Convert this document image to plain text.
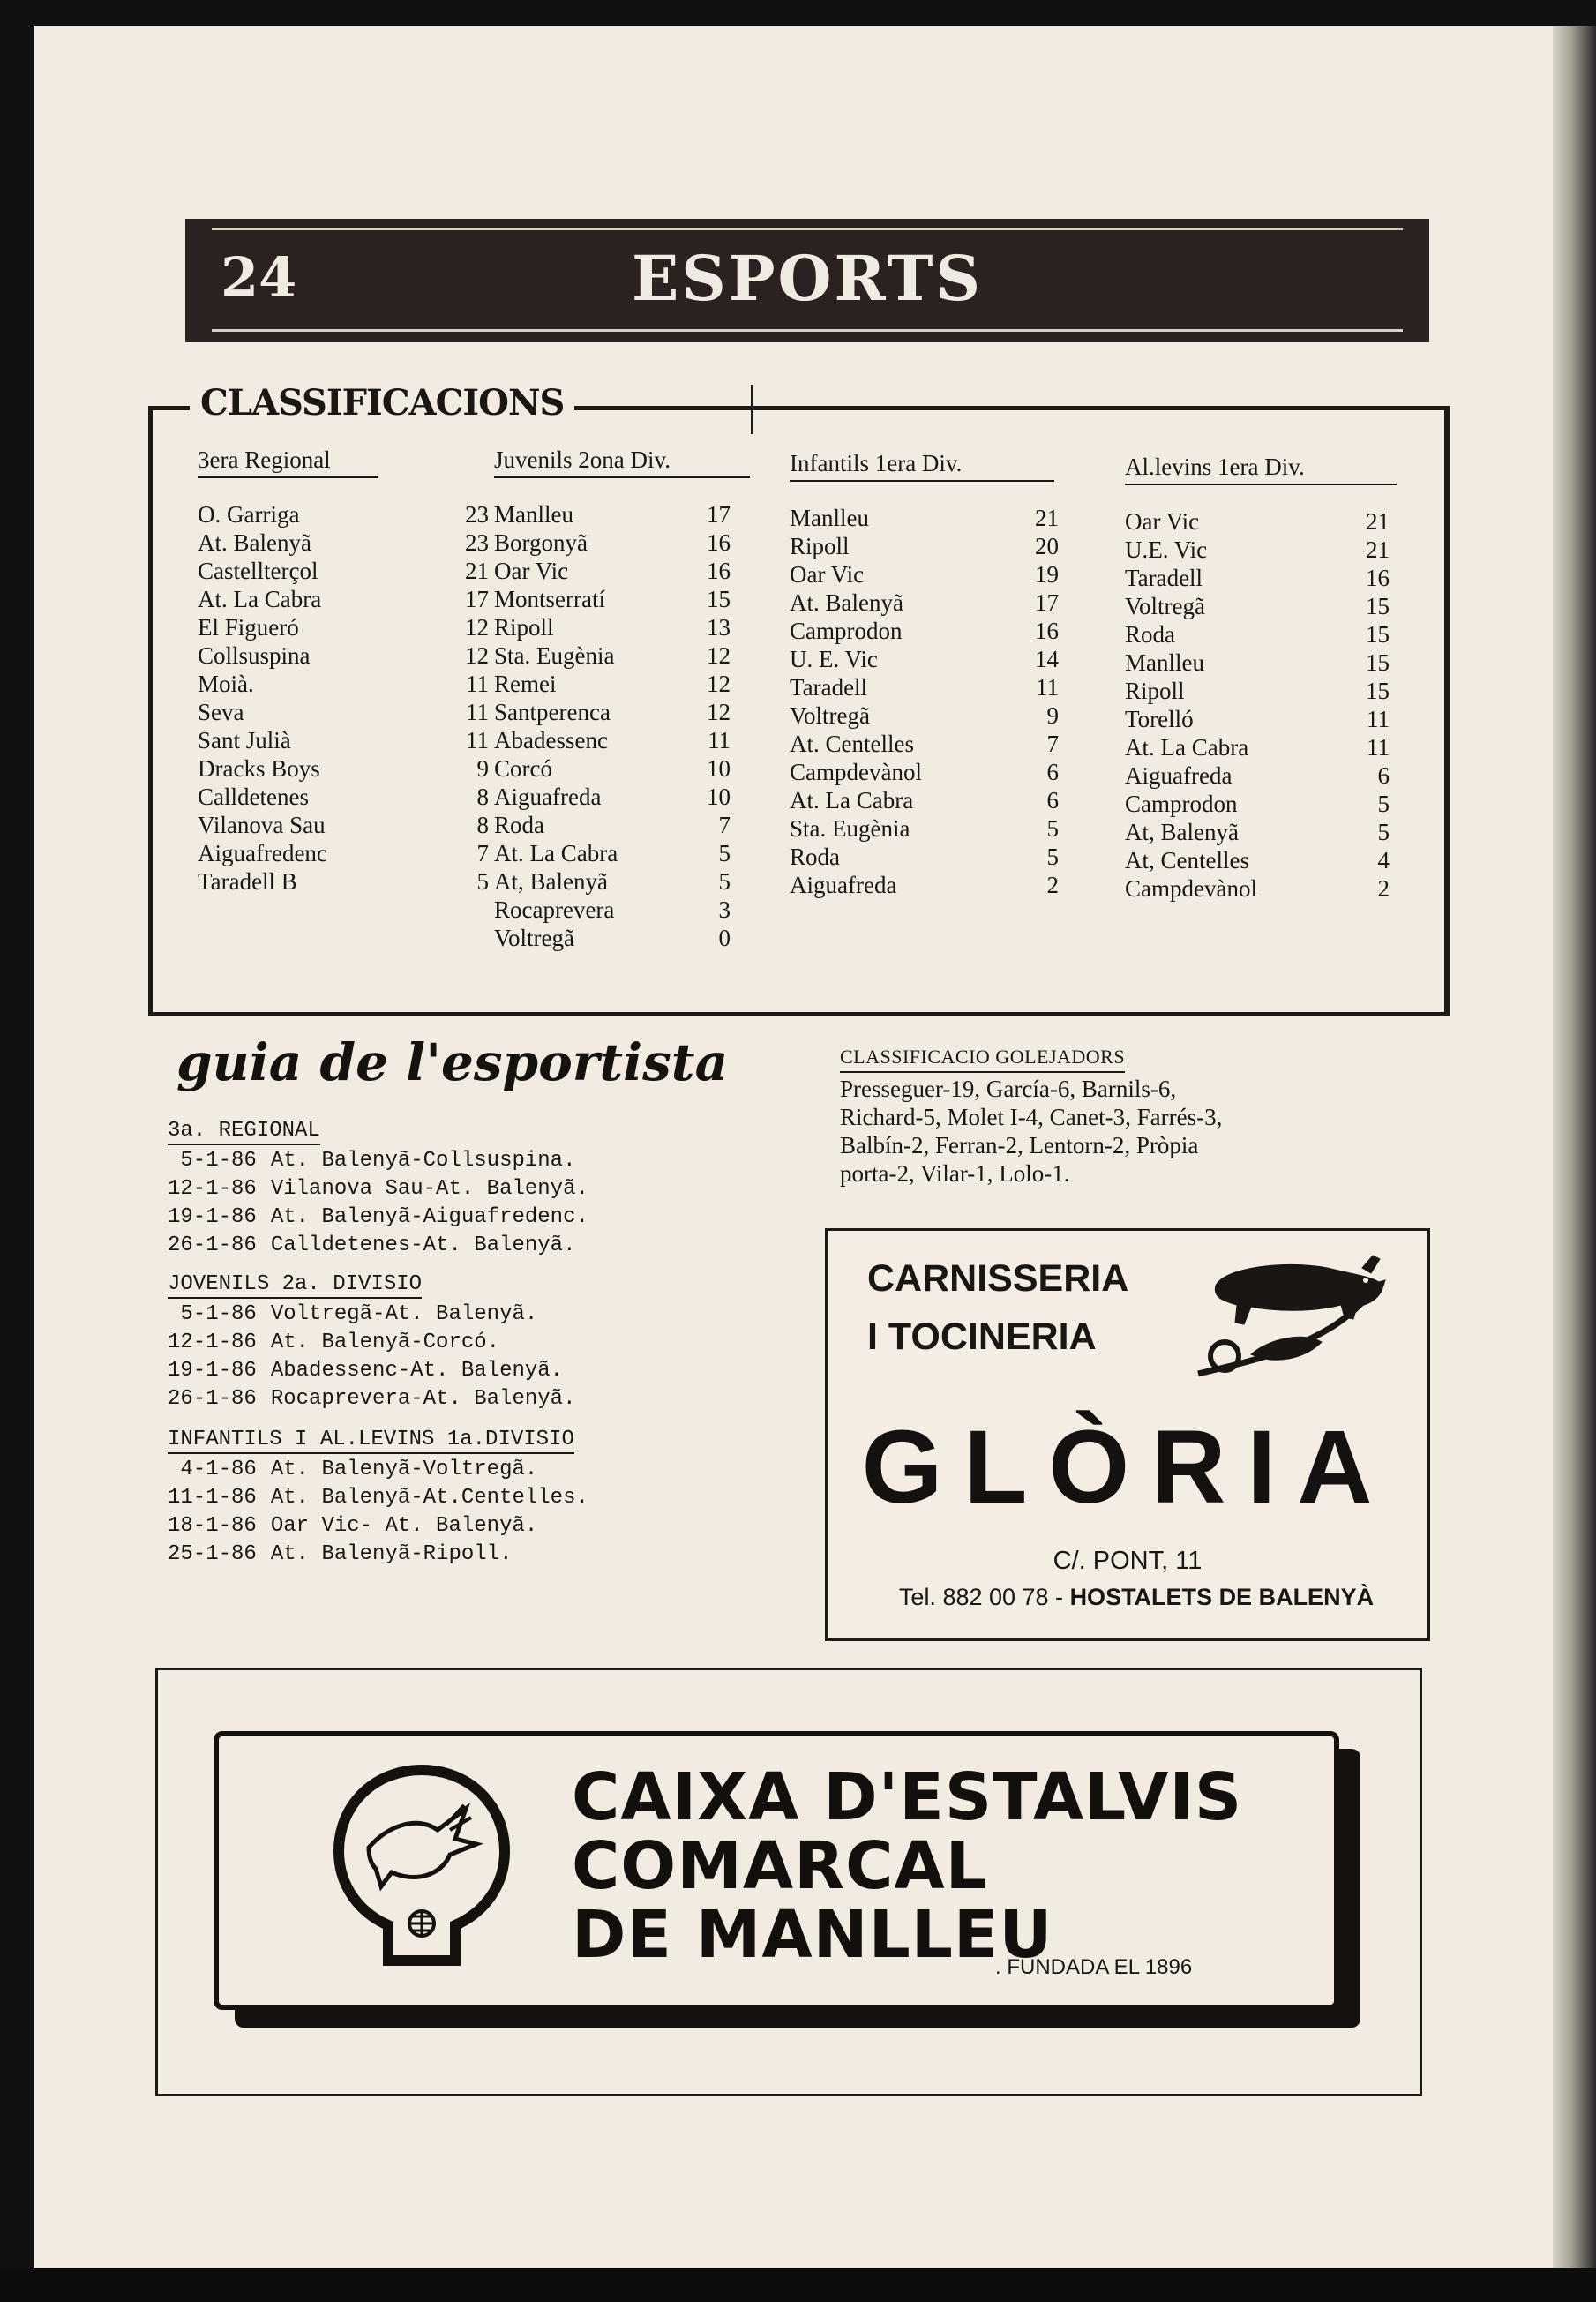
24	ESPORTS
CLASSIFICACIONS
3era Regional
O. Garriga	23
At. Balenyã	23
Castellterçol	21
At. La Cabra	17
El Figueró	12
Collsuspina	12
Moià.	11
Seva	11
Sant Julià	11
Dracks Boys	9
Calldetenes	8
Vilanova Sau	8
Aiguafredenc	7
Taradell B	5
Juvenils 2ona Div.
Manlleu	17
Borgonyã	16
Oar Vic	16
Montserratí	15
Ripoll	13
Sta. Eugènia	12
Remei	12
Santperenca	12
Abadessenc	11
Corcó	10
Aiguafreda	10
Roda	7
At. La Cabra	5
At, Balenyã	5
Rocaprevera	3
Voltregã	0
Infantils 1era Div.
Manlleu	21
Ripoll	20
Oar Vic	19
At. Balenyã	17
Camprodon	16
U. E. Vic	14
Taradell	11
Voltregã	9
At. Centelles	7
Campdevànol	6
At. La Cabra	6
Sta. Eugènia	5
Roda	5
Aiguafreda	2
Al.levins 1era Div.
Oar Vic	21
U.E. Vic	21
Taradell	16
Voltregã	15
Roda	15
Manlleu	15
Ripoll	15
Torelló	11
At. La Cabra	11
Aiguafreda	6
Camprodon	5
At, Balenyã	5
At, Centelles	4
Campdevànol	2
guia de l'esportista
3a. REGIONAL
5-1-86 At. Balenyã-Collsuspina.
12-1-86 Vilanova Sau-At. Balenyã.
19-1-86 At. Balenyã-Aiguafredenc.
26-1-86 Calldetenes-At. Balenyã.
JOVENILS 2a. DIVISIO
5-1-86 Voltregã-At. Balenyã.
12-1-86 At. Balenyã-Corcó.
19-1-86 Abadessenc-At. Balenyã.
26-1-86 Rocaprevera-At. Balenyã.
INFANTILS I AL.LEVINS 1a.DIVISIO
4-1-86 At. Balenyã-Voltregã.
11-1-86 At. Balenyã-At.Centelles.
18-1-86 Oar Vic- At. Balenyã.
25-1-86 At. Balenyã-Ripoll.
CLASSIFICACIO GOLEJADORS
Presseguer-19, García-6, Barnils-6,
Richard-5, Molet I-4, Canet-3, Farrés-3,
Balbín-2, Ferran-2, Lentorn-2, Pròpia
porta-2, Vilar-1, Lolo-1.
CARNISSERIA
I TOCINERIA
GLÒRIA
C/. PONT, 11
Tel. 882 00 78 - HOSTALETS DE BALENYÀ
CAIXA D'ESTALVIS
COMARCAL
DE MANLLEU
. FUNDADA EL 1896
